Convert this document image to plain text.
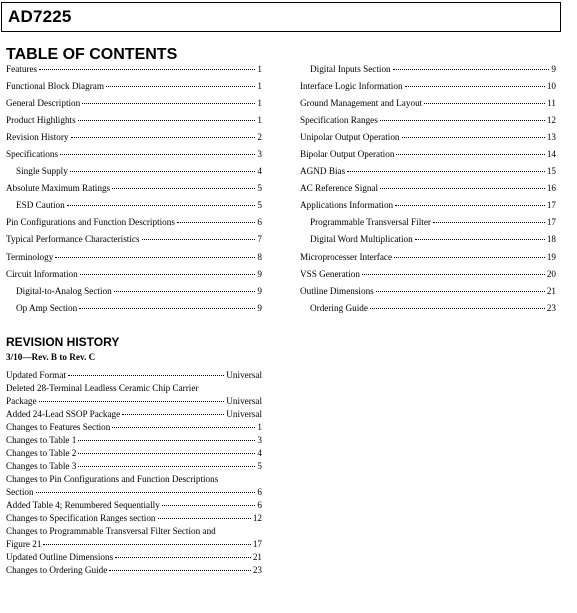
AD7225
TABLE OF CONTENTS
Features	1
Functional Block Diagram	1
General Description	1
Product Highlights	1
Revision History	2
Specifications	3
Single Supply	4
Absolute Maximum Ratings	5
ESD Caution	5
Pin Configurations and Function Descriptions	6
Typical Performance Characteristics	7
Terminology	8
Circuit Information	9
Digital-to-Analog Section	9
Op Amp Section	9
Digital Inputs Section	9
Interface Logic Information	10
Ground Management and Layout	11
Specification Ranges	12
Unipolar Output Operation	13
Bipolar Output Operation	14
AGND Bias	15
AC Reference Signal	16
Applications Information	17
Programmable Transversal Filter	17
Digital Word Multiplication	18
Microprocesser Interface	19
VSS Generation	20
Outline Dimensions	21
Ordering Guide	23
REVISION HISTORY
3/10—Rev. B to Rev. C
Updated Format	Universal
Deleted 28-Terminal Leadless Ceramic Chip Carrier
Package	Universal
Added 24-Lead SSOP Package	Universal
Changes to Features Section	1
Changes to Table 1	3
Changes to Table 2	4
Changes to Table 3	5
Changes to Pin Configurations and Function Descriptions
Section	6
Added Table 4; Renumbered Sequentially	6
Changes to Specification Ranges section	12
Changes to Programmable Transversal Filter Section and
Figure 21	17
Updated Outline Dimensions	21
Changes to Ordering Guide	23
